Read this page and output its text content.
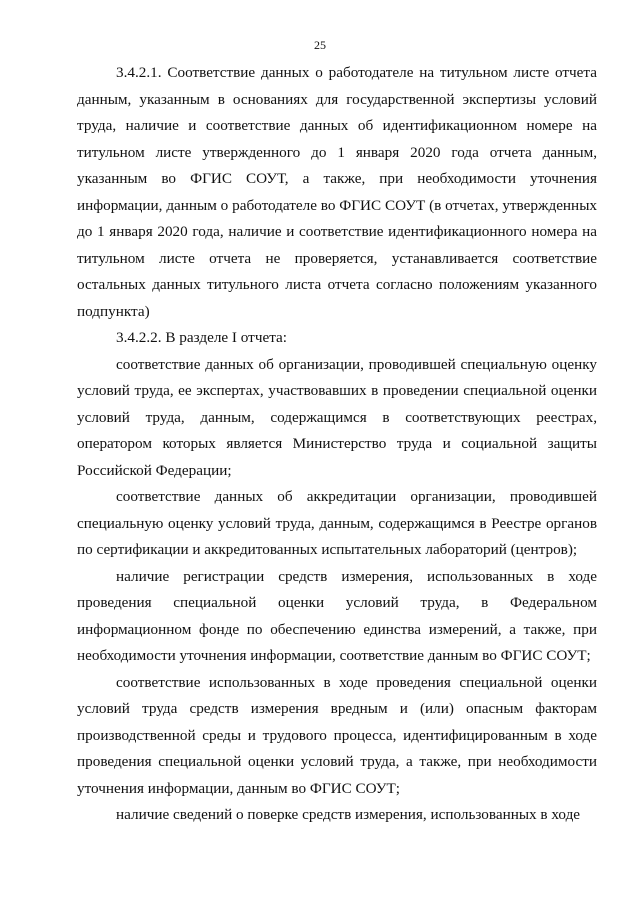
25

3.4.2.1. Соответствие данных о работодателе на титульном листе отчета данным, указанным в основаниях для государственной экспертизы условий труда, наличие и соответствие данных об идентификационном номере на титульном листе утвержденного до 1 января 2020 года отчета данным, указанным во ФГИС СОУТ, а также, при необходимости уточнения информации, данным о работодателе во ФГИС СОУТ (в отчетах, утвержденных до 1 января 2020 года, наличие и соответствие идентификационного номера на титульном листе отчета не проверяется, устанавливается соответствие остальных данных титульного листа отчета согласно положениям указанного подпункта)

3.4.2.2. В разделе I отчета:

соответствие данных об организации, проводившей специальную оценку условий труда, ее экспертах, участвовавших в проведении специальной оценки условий труда, данным, содержащимся в соответствующих реестрах, оператором которых является Министерство труда и социальной защиты Российской Федерации;

соответствие данных об аккредитации организации, проводившей специальную оценку условий труда, данным, содержащимся в Реестре органов по сертификации и аккредитованных испытательных лабораторий (центров);

наличие регистрации средств измерения, использованных в ходе проведения специальной оценки условий труда, в Федеральном информационном фонде по обеспечению единства измерений, а также, при необходимости уточнения информации, соответствие данным во ФГИС СОУТ;

соответствие использованных в ходе проведения специальной оценки условий труда средств измерения вредным и (или) опасным факторам производственной среды и трудового процесса, идентифицированным в ходе проведения специальной оценки условий труда, а также, при необходимости уточнения информации, данным во ФГИС СОУТ;

наличие сведений о поверке средств измерения, использованных в ходе
